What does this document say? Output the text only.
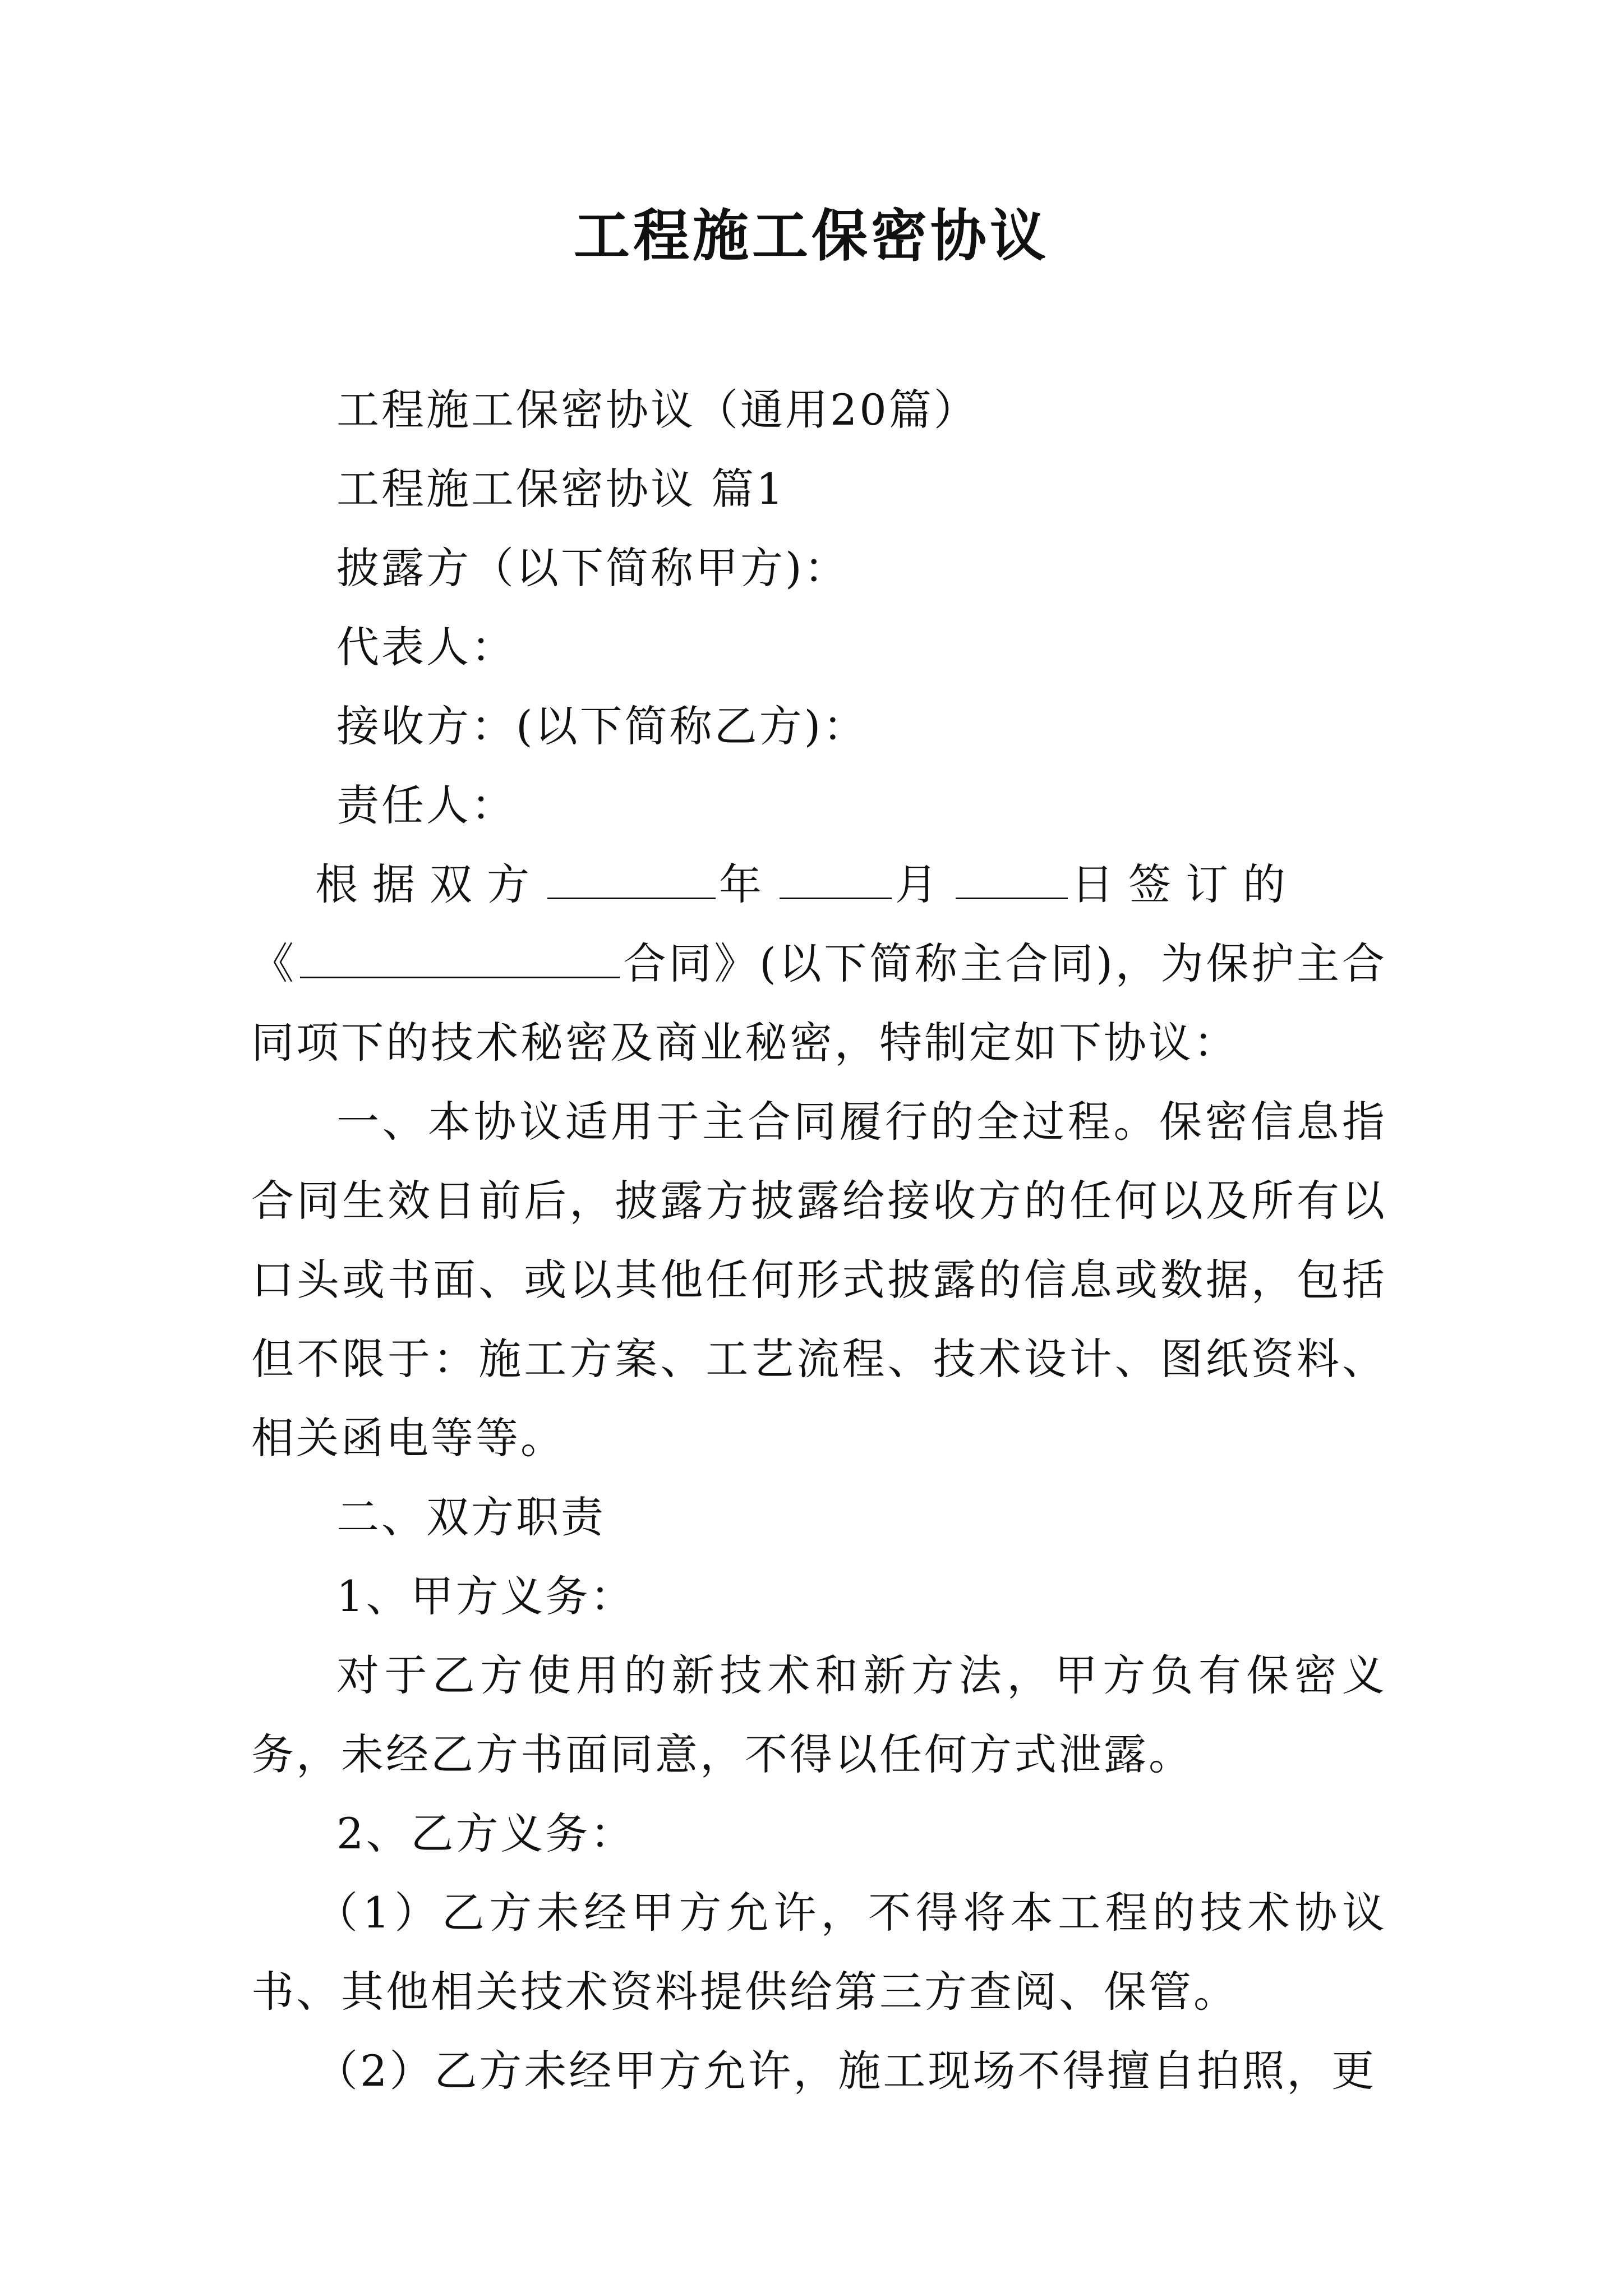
工程施工保密协议

工程施工保密协议（通用20篇）

工程施工保密协议 篇1

披露方（以下简称甲方)：

代表人：

接收方：(以下简称乙方)：

责任人：

根据双方	年	月	日签订的
《	合同》(以下简称主合同)，为保护主合同项下的技术秘密及商业秘密，特制定如下协议：

一、本协议适用于主合同履行的全过程。保密信息指合同生效日前后，披露方披露给接收方的任何以及所有以口头或书面、或以其他任何形式披露的信息或数据，包括但不限于：施工方案、工艺流程、技术设计、图纸资料、相关函电等等。

二、双方职责

1、甲方义务：

对于乙方使用的新技术和新方法，甲方负有保密义务，未经乙方书面同意，不得以任何方式泄露。

2、乙方义务：

（1）乙方未经甲方允许，不得将本工程的技术协议书、其他相关技术资料提供给第三方查阅、保管。

（2）乙方未经甲方允许，施工现场不得擅自拍照，更
